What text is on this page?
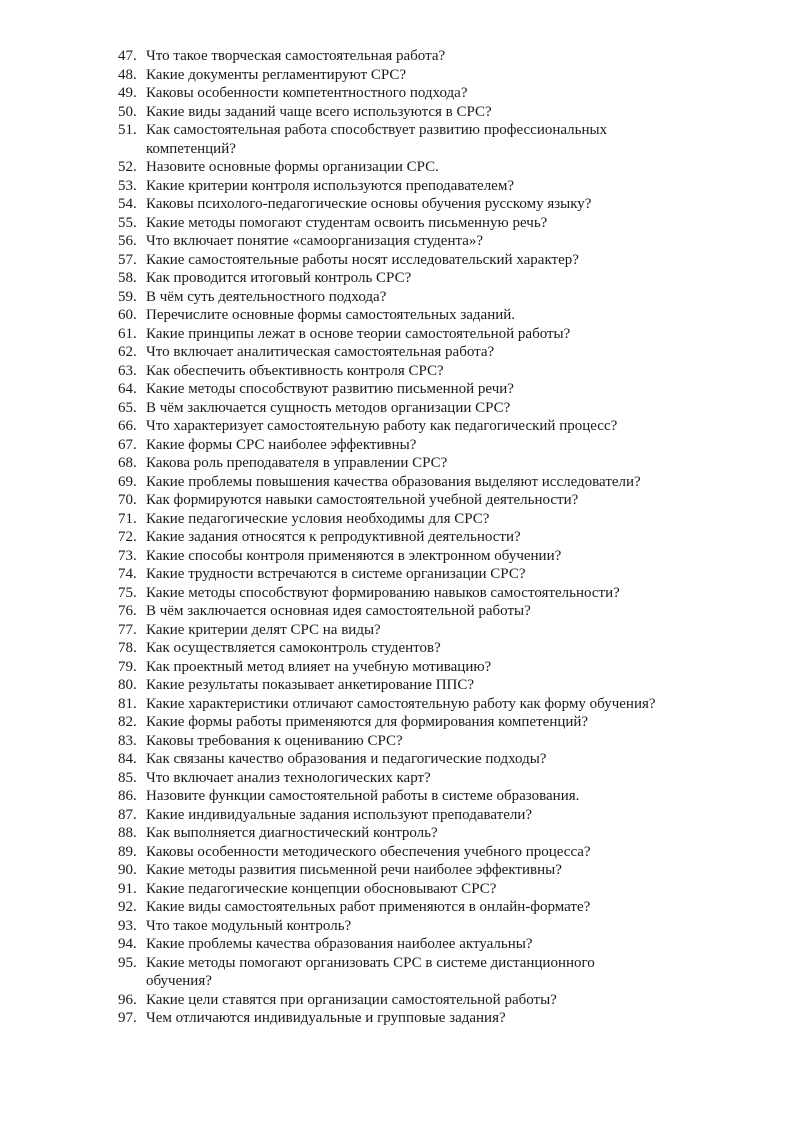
47. Что такое творческая самостоятельная работа?
48. Какие документы регламентируют СРС?
49. Каковы особенности компетентностного подхода?
50. Какие виды заданий чаще всего используются в СРС?
51. Как самостоятельная работа способствует развитию профессиональных
компетенций?
52. Назовите основные формы организации СРС.
53. Какие критерии контроля используются преподавателем?
54. Каковы психолого-педагогические основы обучения русскому языку?
55. Какие методы помогают студентам освоить письменную речь?
56. Что включает понятие «самоорганизация студента»?
57. Какие самостоятельные работы носят исследовательский характер?
58. Как проводится итоговый контроль СРС?
59. В чём суть деятельностного подхода?
60. Перечислите основные формы самостоятельных заданий.
61. Какие принципы лежат в основе теории самостоятельной работы?
62. Что включает аналитическая самостоятельная работа?
63. Как обеспечить объективность контроля СРС?
64. Какие методы способствуют развитию письменной речи?
65. В чём заключается сущность методов организации СРС?
66. Что характеризует самостоятельную работу как педагогический процесс?
67. Какие формы СРС наиболее эффективны?
68. Какова роль преподавателя в управлении СРС?
69. Какие проблемы повышения качества образования выделяют исследователи?
70. Как формируются навыки самостоятельной учебной деятельности?
71. Какие педагогические условия необходимы для СРС?
72. Какие задания относятся к репродуктивной деятельности?
73. Какие способы контроля применяются в электронном обучении?
74. Какие трудности встречаются в системе организации СРС?
75. Какие методы способствуют формированию навыков самостоятельности?
76. В чём заключается основная идея самостоятельной работы?
77. Какие критерии делят СРС на виды?
78. Как осуществляется самоконтроль студентов?
79. Как проектный метод влияет на учебную мотивацию?
80. Какие результаты показывает анкетирование ППС?
81. Какие характеристики отличают самостоятельную работу как форму обучения?
82. Какие формы работы применяются для формирования компетенций?
83. Каковы требования к оцениванию СРС?
84. Как связаны качество образования и педагогические подходы?
85. Что включает анализ технологических карт?
86. Назовите функции самостоятельной работы в системе образования.
87. Какие индивидуальные задания используют преподаватели?
88. Как выполняется диагностический контроль?
89. Каковы особенности методического обеспечения учебного процесса?
90. Какие методы развития письменной речи наиболее эффективны?
91. Какие педагогические концепции обосновывают СРС?
92. Какие виды самостоятельных работ применяются в онлайн-формате?
93. Что такое модульный контроль?
94. Какие проблемы качества образования наиболее актуальны?
95. Какие методы помогают организовать СРС в системе дистанционного
обучения?
96. Какие цели ставятся при организации самостоятельной работы?
97. Чем отличаются индивидуальные и групповые задания?
